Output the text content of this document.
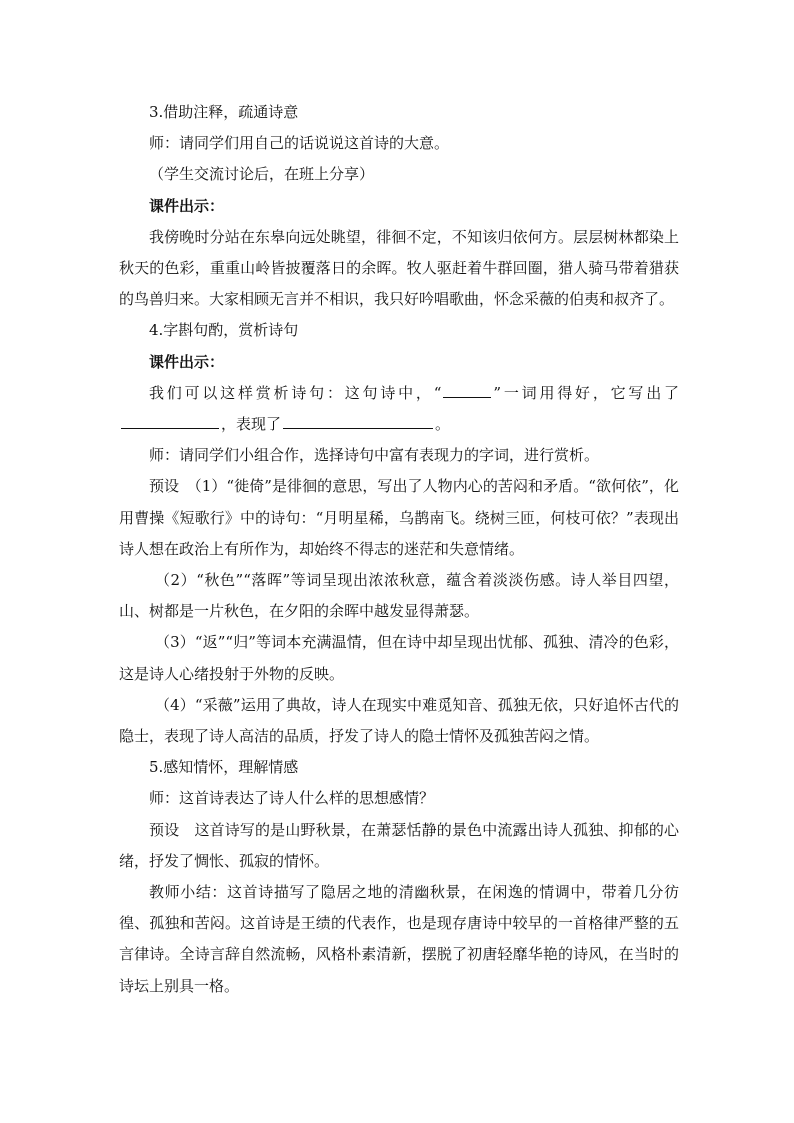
3.借助注释，疏通诗意

师：请同学们用自己的话说说这首诗的大意。

（学生交流讨论后，在班上分享）

课件出示：

我傍晚时分站在东皋向远处眺望，徘徊不定，不知该归依何方。层层树林都染上秋天的色彩，重重山岭皆披覆落日的余晖。牧人驱赶着牛群回圈，猎人骑马带着猎获的鸟兽归来。大家相顾无言并不相识，我只好吟唱歌曲，怀念采薇的伯夷和叔齐了。

4.字斟句酌，赏析诗句

课件出示：

我们可以这样赏析诗句：这句诗中，“	”一词用得好，它写出了，表现了	。

师：请同学们小组合作，选择诗句中富有表现力的字词，进行赏析。

预设　（1）“徙倚”是徘徊的意思，写出了人物内心的苦闷和矛盾。“欲何依”，化用曹操《短歌行》中的诗句：“月明星稀，乌鹊南飞。绕树三匝，何枝可依？”表现出诗人想在政治上有所作为，却始终不得志的迷茫和失意情绪。

（2）“秋色”“落晖”等词呈现出浓浓秋意，蕴含着淡淡伤感。诗人举目四望，山、树都是一片秋色，在夕阳的余晖中越发显得萧瑟。

（3）“返”“归”等词本充满温情，但在诗中却呈现出忧郁、孤独、清冷的色彩，这是诗人心绪投射于外物的反映。

（4）“采薇”运用了典故，诗人在现实中难觅知音、孤独无依，只好追怀古代的隐士，表现了诗人高洁的品质，抒发了诗人的隐士情怀及孤独苦闷之情。

5.感知情怀，理解情感

师：这首诗表达了诗人什么样的思想感情？

预设　这首诗写的是山野秋景，在萧瑟恬静的景色中流露出诗人孤独、抑郁的心绪，抒发了惆怅、孤寂的情怀。

教师小结：这首诗描写了隐居之地的清幽秋景，在闲逸的情调中，带着几分彷徨、孤独和苦闷。这首诗是王绩的代表作，也是现存唐诗中较早的一首格律严整的五言律诗。全诗言辞自然流畅，风格朴素清新，摆脱了初唐轻靡华艳的诗风，在当时的诗坛上别具一格。
